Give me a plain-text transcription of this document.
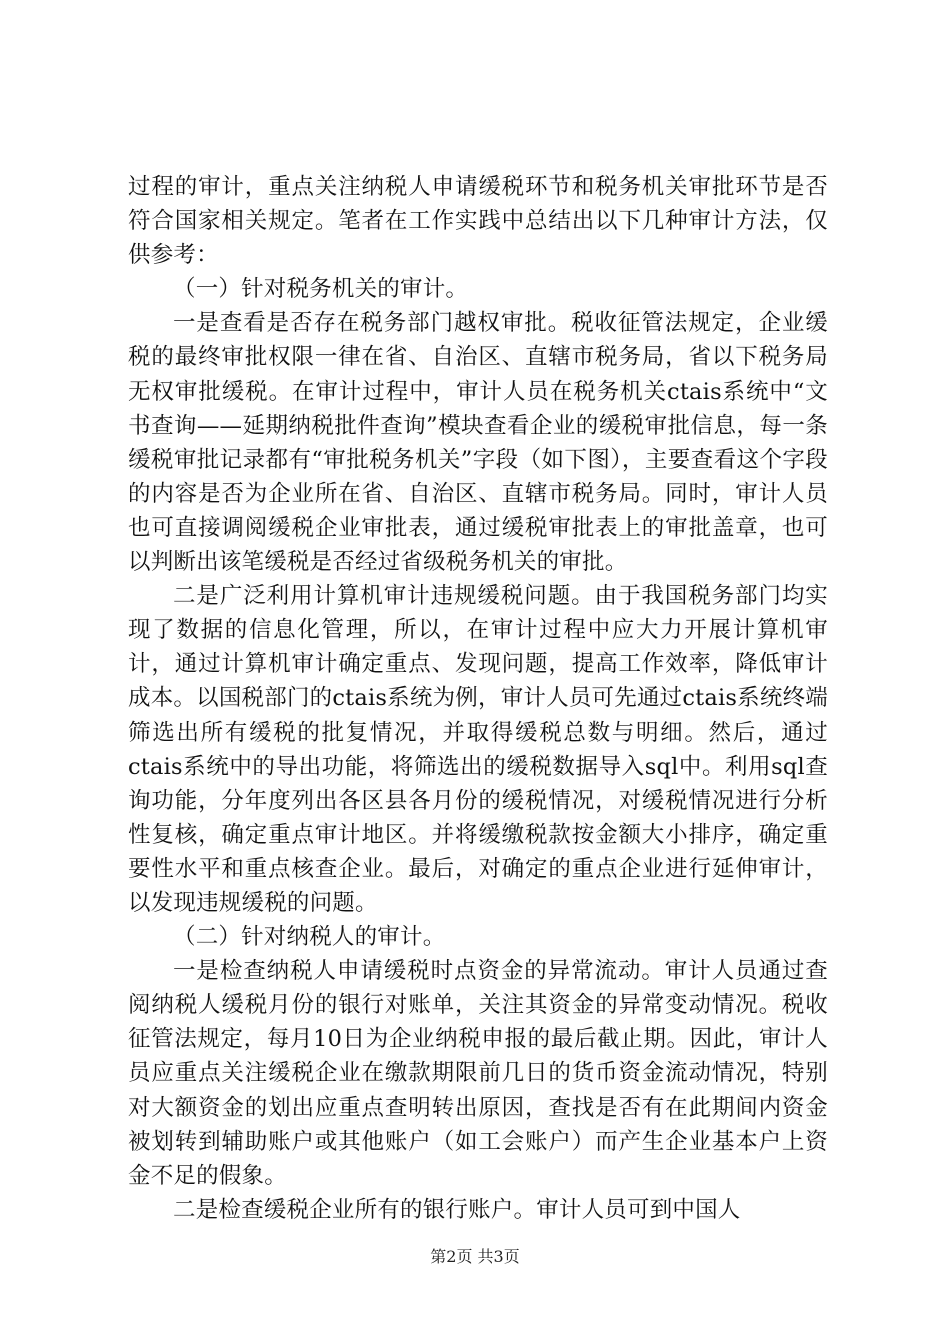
过程的审计，重点关注纳税人申请缓税环节和税务机关审批环节是否符合国家相关规定。笔者在工作实践中总结出以下几种审计方法，仅供参考：

（一）针对税务机关的审计。

一是查看是否存在税务部门越权审批。税收征管法规定，企业缓税的最终审批权限一律在省、自治区、直辖市税务局，省以下税务局无权审批缓税。在审计过程中，审计人员在税务机关ctais系统中“文书查询——延期纳税批件查询”模块查看企业的缓税审批信息，每一条缓税审批记录都有“审批税务机关”字段（如下图），主要查看这个字段的内容是否为企业所在省、自治区、直辖市税务局。同时，审计人员也可直接调阅缓税企业审批表，通过缓税审批表上的审批盖章，也可以判断出该笔缓税是否经过省级税务机关的审批。

二是广泛利用计算机审计违规缓税问题。由于我国税务部门均实现了数据的信息化管理，所以，在审计过程中应大力开展计算机审计，通过计算机审计确定重点、发现问题，提高工作效率，降低审计成本。以国税部门的ctais系统为例，审计人员可先通过ctais系统终端筛选出所有缓税的批复情况，并取得缓税总数与明细。然后，通过ctais系统中的导出功能，将筛选出的缓税数据导入sql中。利用sql查询功能，分年度列出各区县各月份的缓税情况，对缓税情况进行分析性复核，确定重点审计地区。并将缓缴税款按金额大小排序，确定重要性水平和重点核查企业。最后，对确定的重点企业进行延伸审计，以发现违规缓税的问题。

（二）针对纳税人的审计。

一是检查纳税人申请缓税时点资金的异常流动。审计人员通过查阅纳税人缓税月份的银行对账单，关注其资金的异常变动情况。税收征管法规定，每月10日为企业纳税申报的最后截止期。因此，审计人员应重点关注缓税企业在缴款期限前几日的货币资金流动情况，特别对大额资金的划出应重点查明转出原因，查找是否有在此期间内资金被划转到辅助账户或其他账户（如工会账户）而产生企业基本户上资金不足的假象。

二是检查缓税企业所有的银行账户。审计人员可到中国人

第2页 共3页
